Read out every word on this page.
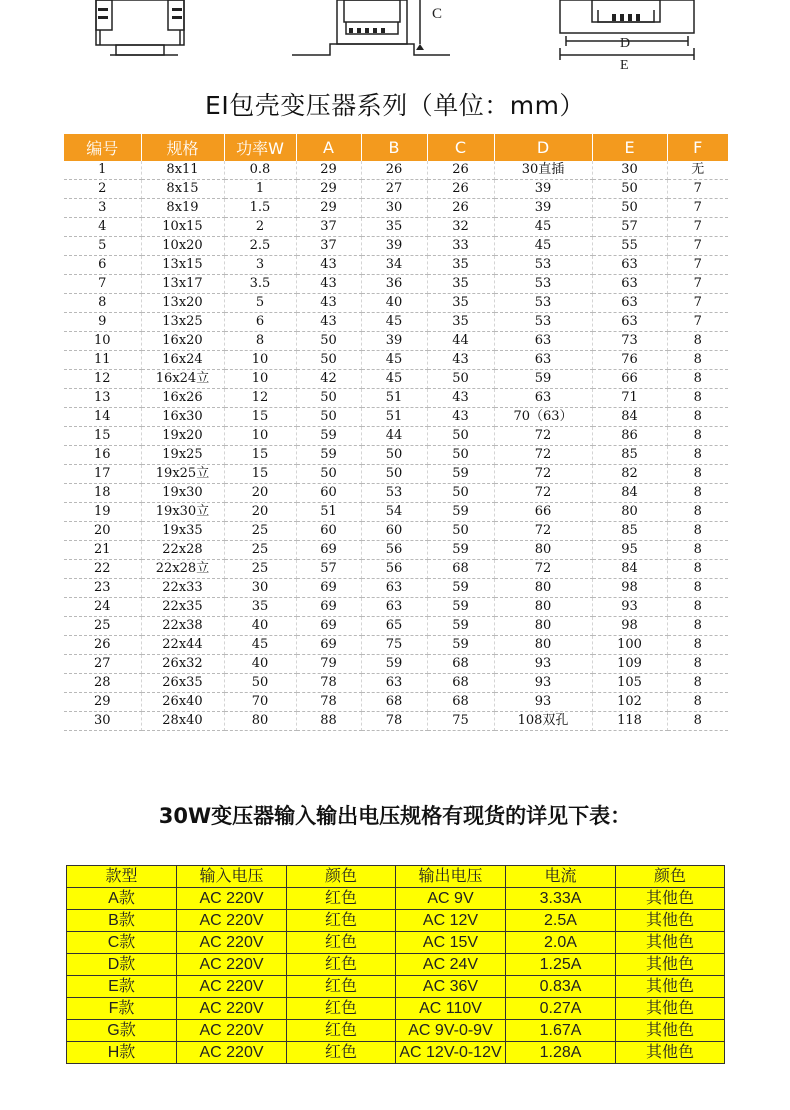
C
D
E
EI包壳变压器系列（单位：mm）
编号	规格	功率W	A	B	C	D	E	F
1	8x11	0.8	29	26	26	30直插	30	无
2	8x15	1	29	27	26	39	50	7
3	8x19	1.5	29	30	26	39	50	7
4	10x15	2	37	35	32	45	57	7
5	10x20	2.5	37	39	33	45	55	7
6	13x15	3	43	34	35	53	63	7
7	13x17	3.5	43	36	35	53	63	7
8	13x20	5	43	40	35	53	63	7
9	13x25	6	43	45	35	53	63	7
10	16x20	8	50	39	44	63	73	8
11	16x24	10	50	45	43	63	76	8
12	16x24立	10	42	45	50	59	66	8
13	16x26	12	50	51	43	63	71	8
14	16x30	15	50	51	43	70（63）	84	8
15	19x20	10	59	44	50	72	86	8
16	19x25	15	59	50	50	72	85	8
17	19x25立	15	50	50	59	72	82	8
18	19x30	20	60	53	50	72	84	8
19	19x30立	20	51	54	59	66	80	8
20	19x35	25	60	60	50	72	85	8
21	22x28	25	69	56	59	80	95	8
22	22x28立	25	57	56	68	72	84	8
23	22x33	30	69	63	59	80	98	8
24	22x35	35	69	63	59	80	93	8
25	22x38	40	69	65	59	80	98	8
26	22x44	45	69	75	59	80	100	8
27	26x32	40	79	59	68	93	109	8
28	26x35	50	78	63	68	93	105	8
29	26x40	70	78	68	68	93	102	8
30	28x40	80	88	78	75	108双孔	118	8
30W变压器输入输出电压规格有现货的详见下表：
款型	输入电压	颜色	输出电压	电流	颜色
A款	AC 220V	红色	AC 9V	3.33A	其他色
B款	AC 220V	红色	AC 12V	2.5A	其他色
C款	AC 220V	红色	AC 15V	2.0A	其他色
D款	AC 220V	红色	AC 24V	1.25A	其他色
E款	AC 220V	红色	AC 36V	0.83A	其他色
F款	AC 220V	红色	AC 110V	0.27A	其他色
G款	AC 220V	红色	AC 9V-0-9V	1.67A	其他色
H款	AC 220V	红色	AC 12V-0-12V	1.28A	其他色
